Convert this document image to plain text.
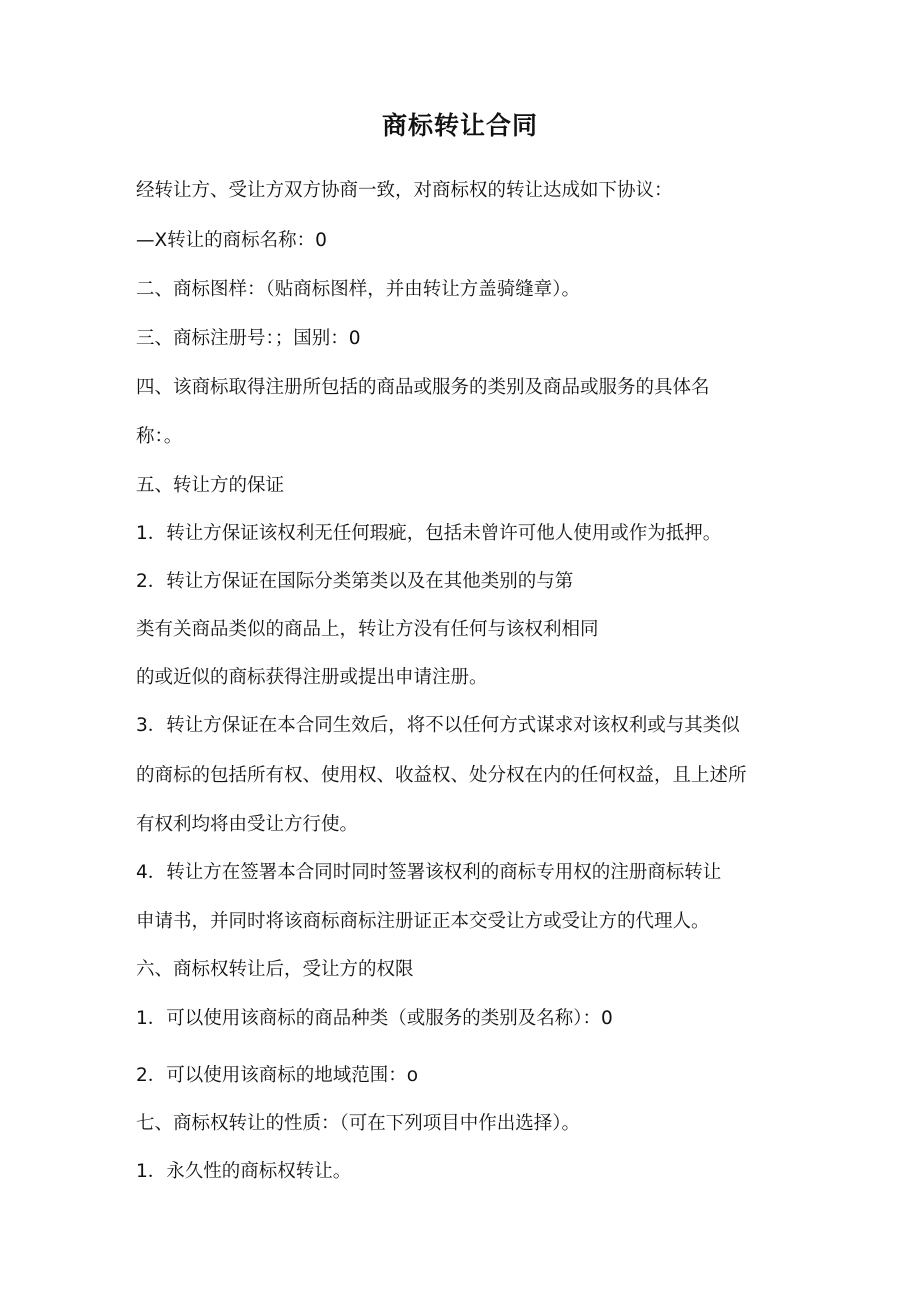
商标转让合同

经转让方、受让方双方协商一致，对商标权的转让达成如下协议：

—X转让的商标名称：0

二、商标图样：（贴商标图样，并由转让方盖骑缝章）。

三、商标注册号：；国别：0

四、该商标取得注册所包括的商品或服务的类别及商品或服务的具体名

称：。

五、转让方的保证

1．转让方保证该权利无任何瑕疵，包括未曾许可他人使用或作为抵押。

2．转让方保证在国际分类第类以及在其他类别的与第

类有关商品类似的商品上，转让方没有任何与该权利相同

的或近似的商标获得注册或提出申请注册。

3．转让方保证在本合同生效后，将不以任何方式谋求对该权利或与其类似

的商标的包括所有权、使用权、收益权、处分权在内的任何权益，且上述所

有权利均将由受让方行使。

4．转让方在签署本合同时同时签署该权利的商标专用权的注册商标转让

申请书，并同时将该商标商标注册证正本交受让方或受让方的代理人。

六、商标权转让后，受让方的权限

1．可以使用该商标的商品种类（或服务的类别及名称）：0

2．可以使用该商标的地域范围：o

七、商标权转让的性质：（可在下列项目中作出选择）。

1．永久性的商标权转让。
